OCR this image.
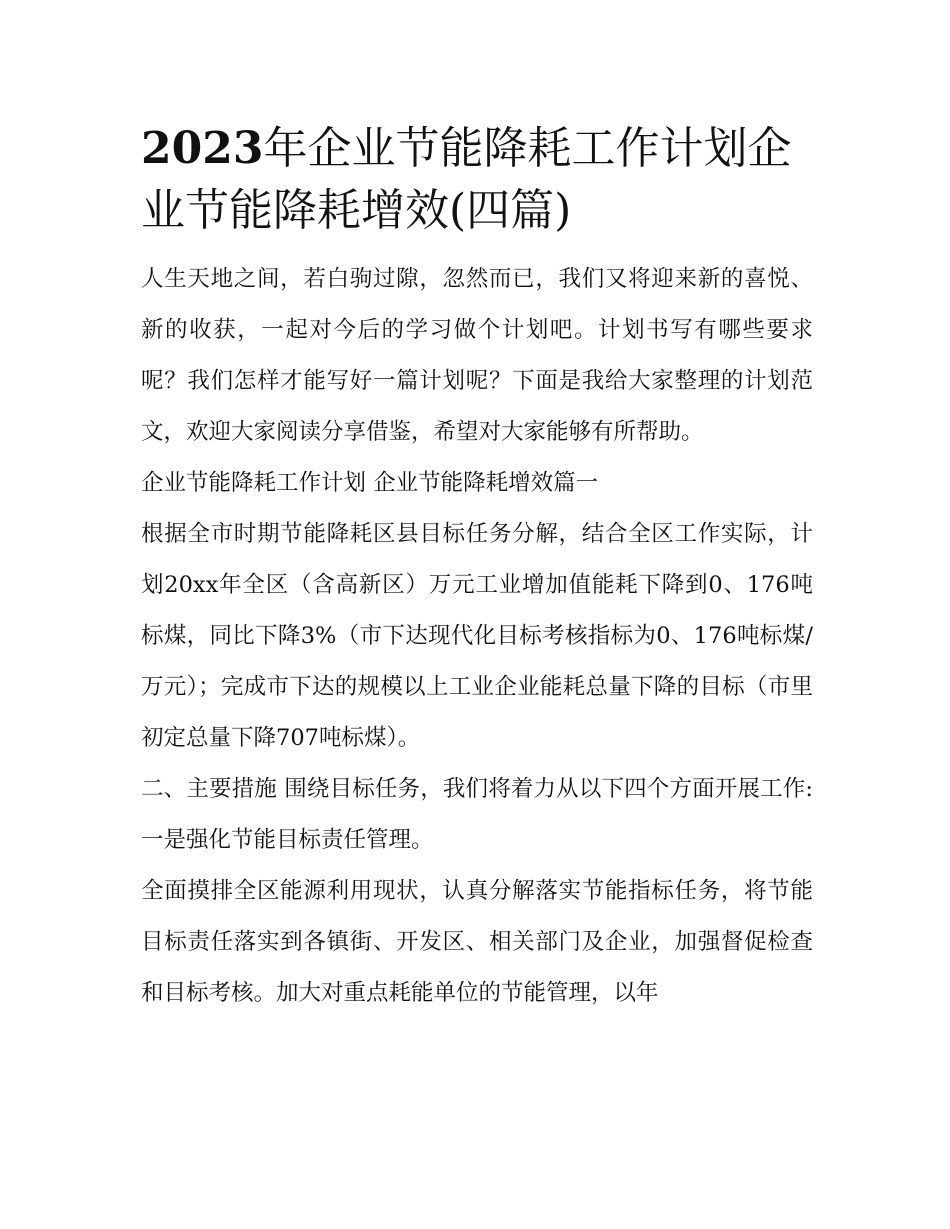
2023年企业节能降耗工作计划企业节能降耗增效(四篇)

人生天地之间，若白驹过隙，忽然而已，我们又将迎来新的喜悦、新的收获，一起对今后的学习做个计划吧。计划书写有哪些要求呢？我们怎样才能写好一篇计划呢？下面是我给大家整理的计划范文，欢迎大家阅读分享借鉴，希望对大家能够有所帮助。

企业节能降耗工作计划 企业节能降耗增效篇一

根据全市时期节能降耗区县目标任务分解，结合全区工作实际，计划20xx年全区（含高新区）万元工业增加值能耗下降到0、176吨标煤，同比下降3%（市下达现代化目标考核指标为0、176吨标煤/万元）；完成市下达的规模以上工业企业能耗总量下降的目标（市里初定总量下降707吨标煤）。

二、主要措施 围绕目标任务，我们将着力从以下四个方面开展工作: 一是强化节能目标责任管理。

全面摸排全区能源利用现状，认真分解落实节能指标任务，将节能目标责任落实到各镇街、开发区、相关部门及企业，加强督促检查和目标考核。加大对重点耗能单位的节能管理，以年
